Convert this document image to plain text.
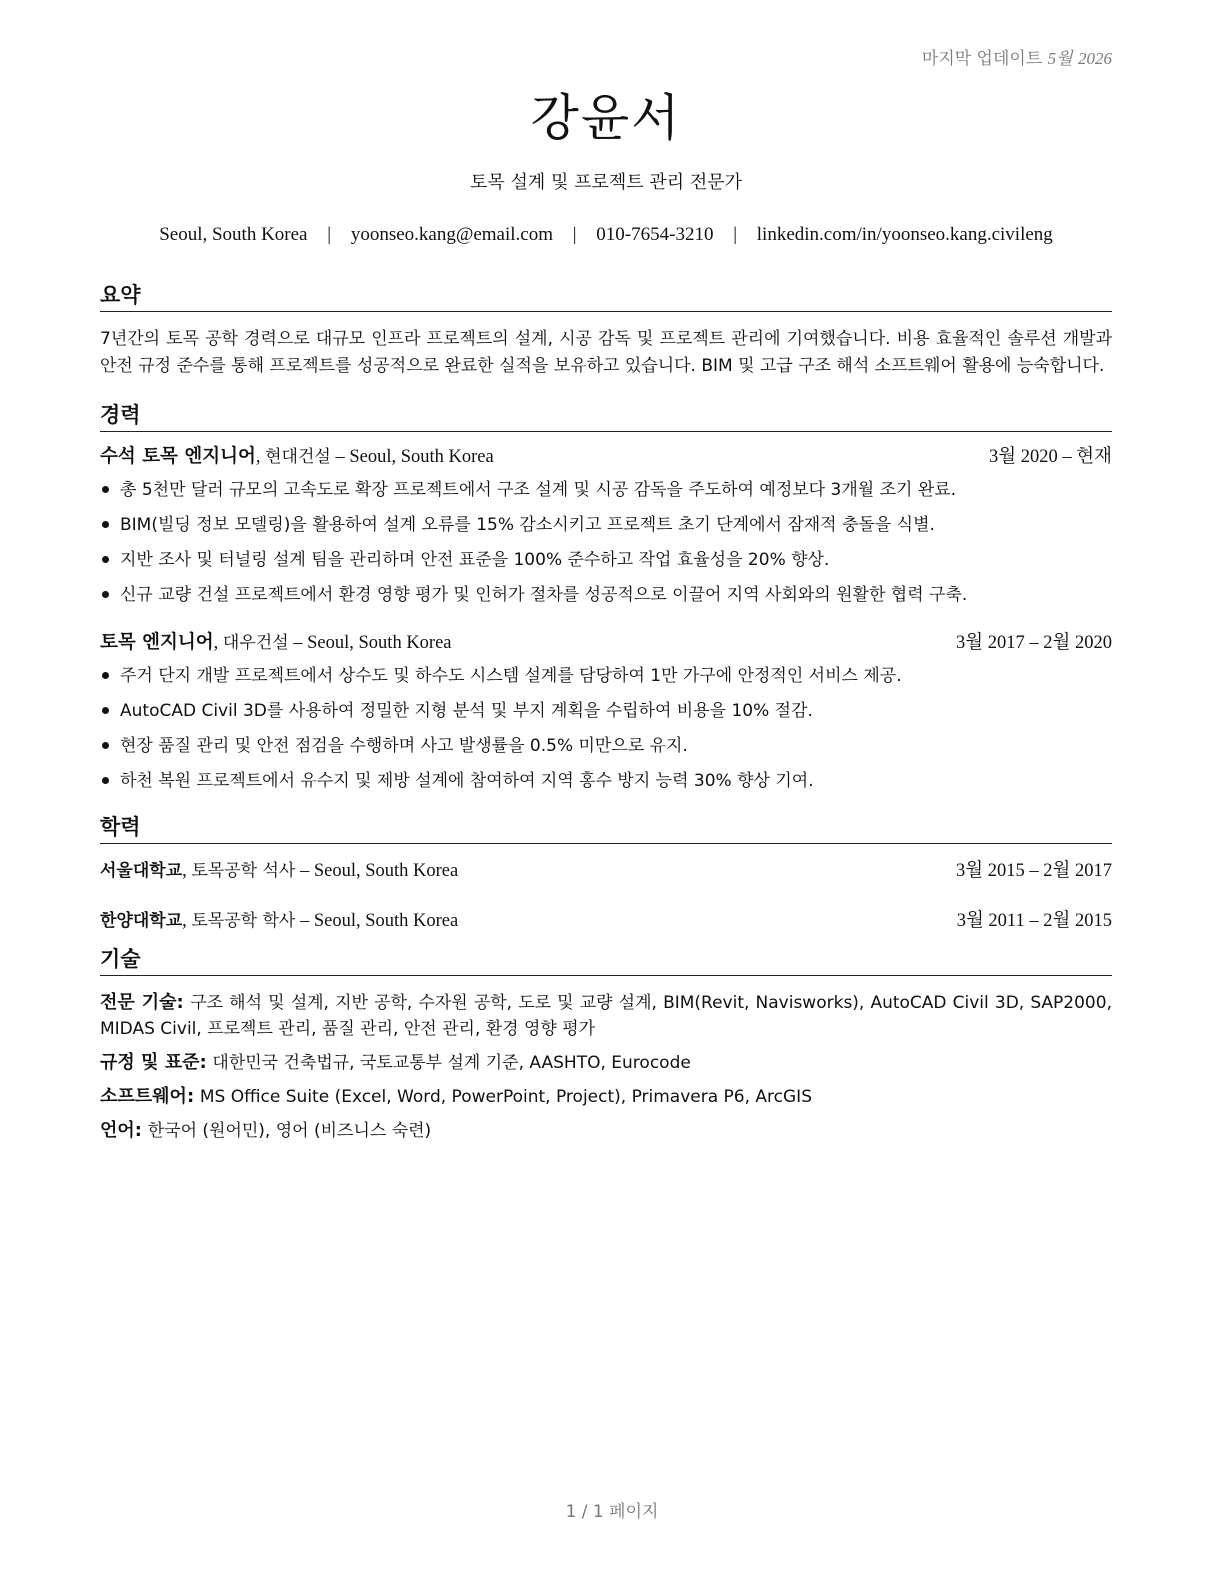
마지막 업데이트 5월 2026
강윤서
토목 설계 및 프로젝트 관리 전문가
Seoul, South Korea | yoonseo.kang@email.com | 010-7654-3210 | linkedin.com/in/yoonseo.kang.civileng
요약
7년간의 토목 공학 경력으로 대규모 인프라 프로젝트의 설계, 시공 감독 및 프로젝트 관리에 기여했습니다. 비용 효율적인 솔루션 개발과 안전 규정 준수를 통해 프로젝트를 성공적으로 완료한 실적을 보유하고 있습니다. BIM 및 고급 구조 해석 소프트웨어 활용에 능숙합니다.
경력
수석 토목 엔지니어, 현대건설 – Seoul, South Korea	3월 2020 – 현재
총 5천만 달러 규모의 고속도로 확장 프로젝트에서 구조 설계 및 시공 감독을 주도하여 예정보다 3개월 조기 완료.
BIM(빌딩 정보 모델링)을 활용하여 설계 오류를 15% 감소시키고 프로젝트 초기 단계에서 잠재적 충돌을 식별.
지반 조사 및 터널링 설계 팀을 관리하며 안전 표준을 100% 준수하고 작업 효율성을 20% 향상.
신규 교량 건설 프로젝트에서 환경 영향 평가 및 인허가 절차를 성공적으로 이끌어 지역 사회와의 원활한 협력 구축.
토목 엔지니어, 대우건설 – Seoul, South Korea	3월 2017 – 2월 2020
주거 단지 개발 프로젝트에서 상수도 및 하수도 시스템 설계를 담당하여 1만 가구에 안정적인 서비스 제공.
AutoCAD Civil 3D를 사용하여 정밀한 지형 분석 및 부지 계획을 수립하여 비용을 10% 절감.
현장 품질 관리 및 안전 점검을 수행하며 사고 발생률을 0.5% 미만으로 유지.
하천 복원 프로젝트에서 유수지 및 제방 설계에 참여하여 지역 홍수 방지 능력 30% 향상 기여.
학력
서울대학교, 토목공학 석사 – Seoul, South Korea	3월 2015 – 2월 2017
한양대학교, 토목공학 학사 – Seoul, South Korea	3월 2011 – 2월 2015
기술
전문 기술: 구조 해석 및 설계, 지반 공학, 수자원 공학, 도로 및 교량 설계, BIM(Revit, Navisworks), AutoCAD Civil 3D, SAP2000, MIDAS Civil, 프로젝트 관리, 품질 관리, 안전 관리, 환경 영향 평가
규정 및 표준: 대한민국 건축법규, 국토교통부 설계 기준, AASHTO, Eurocode
소프트웨어: MS Office Suite (Excel, Word, PowerPoint, Project), Primavera P6, ArcGIS
언어: 한국어 (원어민), 영어 (비즈니스 숙련)
1 / 1 페이지
